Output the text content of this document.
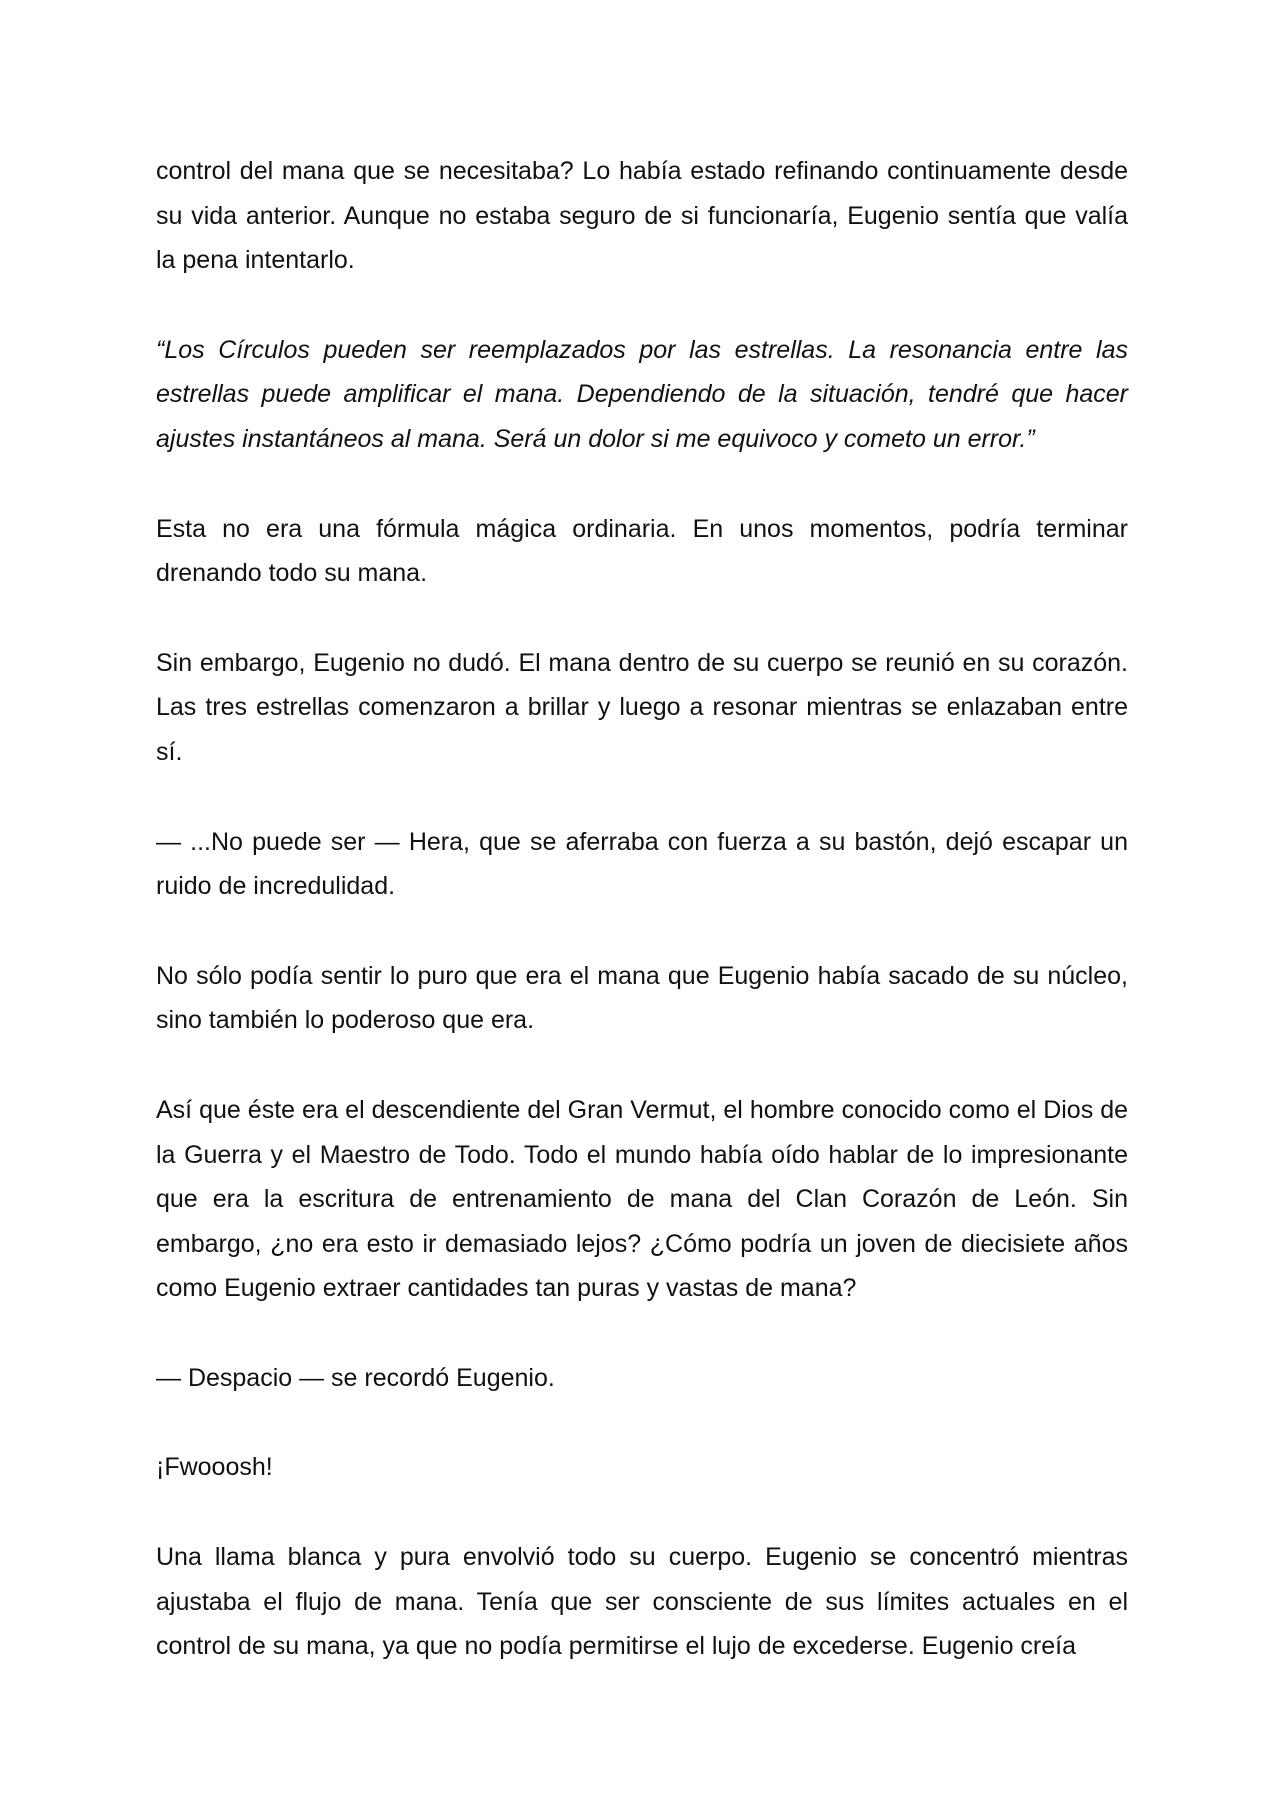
control del mana que se necesitaba? Lo había estado refinando continuamente desde su vida anterior. Aunque no estaba seguro de si funcionaría, Eugenio sentía que valía la pena intentarlo.

“Los Círculos pueden ser reemplazados por las estrellas. La resonancia entre las estrellas puede amplificar el mana. Dependiendo de la situación, tendré que hacer ajustes instantáneos al mana. Será un dolor si me equivoco y cometo un error.”

Esta no era una fórmula mágica ordinaria. En unos momentos, podría terminar drenando todo su mana.

Sin embargo, Eugenio no dudó. El mana dentro de su cuerpo se reunió en su corazón. Las tres estrellas comenzaron a brillar y luego a resonar mientras se enlazaban entre sí.

— ...No puede ser — Hera, que se aferraba con fuerza a su bastón, dejó escapar un ruido de incredulidad.

No sólo podía sentir lo puro que era el mana que Eugenio había sacado de su núcleo, sino también lo poderoso que era.

Así que éste era el descendiente del Gran Vermut, el hombre conocido como el Dios de la Guerra y el Maestro de Todo. Todo el mundo había oído hablar de lo impresionante que era la escritura de entrenamiento de mana del Clan Corazón de León. Sin embargo, ¿no era esto ir demasiado lejos? ¿Cómo podría un joven de diecisiete años como Eugenio extraer cantidades tan puras y vastas de mana?

— Despacio — se recordó Eugenio.

¡Fwooosh!

Una llama blanca y pura envolvió todo su cuerpo. Eugenio se concentró mientras ajustaba el flujo de mana. Tenía que ser consciente de sus límites actuales en el control de su mana, ya que no podía permitirse el lujo de excederse. Eugenio creía
